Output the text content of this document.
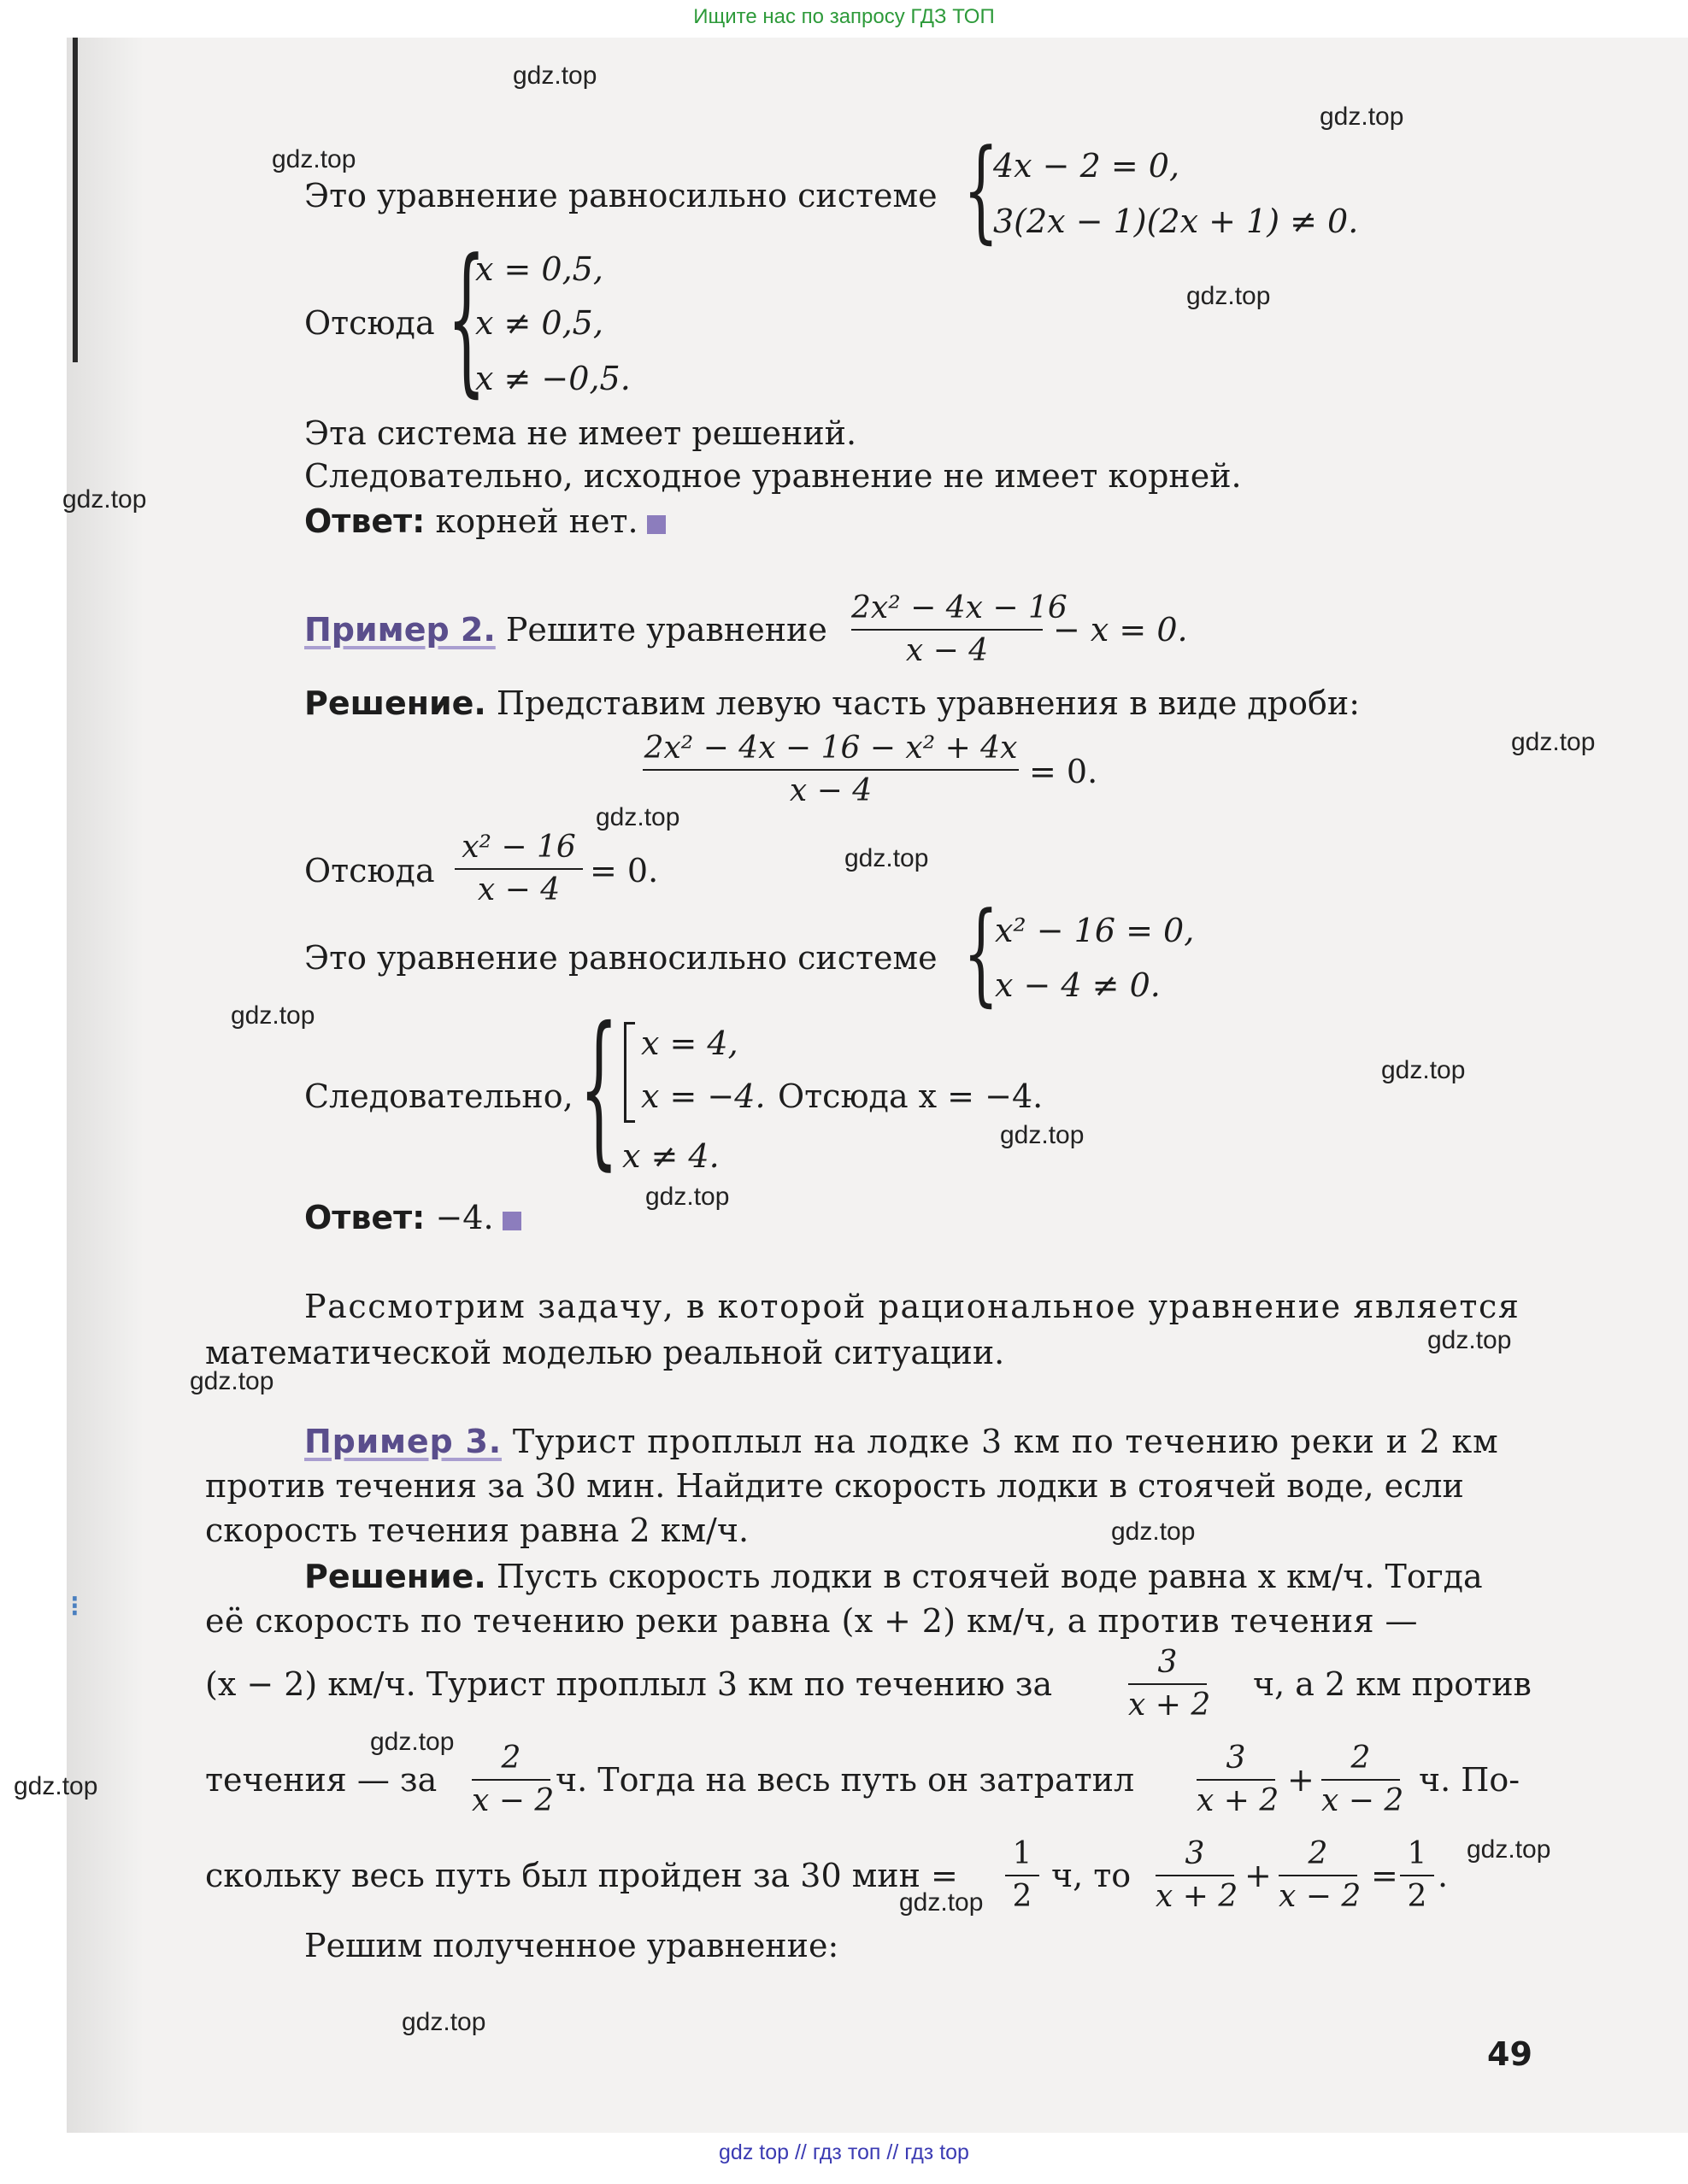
Ищите нас по запросу ГДЗ ТОП
⁝
gdz.top
gdz.top
gdz.top
gdz.top
gdz.top
gdz.top
gdz.top
gdz.top
gdz.top
gdz.top
gdz.top
gdz.top
gdz.top
gdz.top
gdz.top
gdz.top
gdz.top
gdz.top
gdz.top
gdz.top
Это уравнение равносильно системе {
4x − 2 = 0,
3(2x − 1)(2x + 1) ≠ 0.
Отсюда {
x = 0,5,
x ≠ 0,5,
x ≠ −0,5.
Эта система не имеет решений.
Следовательно, исходное уравнение не имеет корней.
Ответ: корней нет.
Пример 2. Решите уравнение $\frac{\text{2x² − 4x − 16}}{x - 4} - x = 0$.
Решение. Представим левую часть уравнения в виде дроби:
$\frac{\text{2x² − 4x − 16 − x² + 4x}}{x - 4} = 0$.
Отсюда $\frac{\text{x² − 16}}{x - 4} = 0$.
Это уравнение равносильно системе {
x² − 16 = 0,
x − 4 ≠ 0.
Следовательно, { x = 4,
x = −4.
x ≠ 4.
Отсюда x = −4.
Ответ: −4.
Рассмотрим задачу, в которой рациональное уравнение является
математической моделью реальной ситуации.
Пример 3. Турист проплыл на лодке 3 км по течению реки и 2 км
против течения за 30 мин. Найдите скорость лодки в стоячей воде, если
скорость течения равна 2 км/ч.
Решение. Пусть скорость лодки в стоячей воде равна x км/ч. Тогда
её скорость по течению реки равна (x + 2) км/ч, а против течения —
(x − 2) км/ч. Турист проплыл 3 км по течению за $\frac{3}{x + 2} ч$, а 2 км против
течения — за $\frac{2}{x - 2} ч$. Тогда на весь путь он затратил $\frac{3}{x + 2} + \frac{2}{x - 2} ч$. По-
скольку весь путь был пройден за 30 мин = $\frac{1}{2} ч$, то $\frac{3}{x + 2} + \frac{2}{x - 2} = \frac{1}{2}$ .
Решим полученное уравнение:
49
gdz top // гдз топ // гдз top
